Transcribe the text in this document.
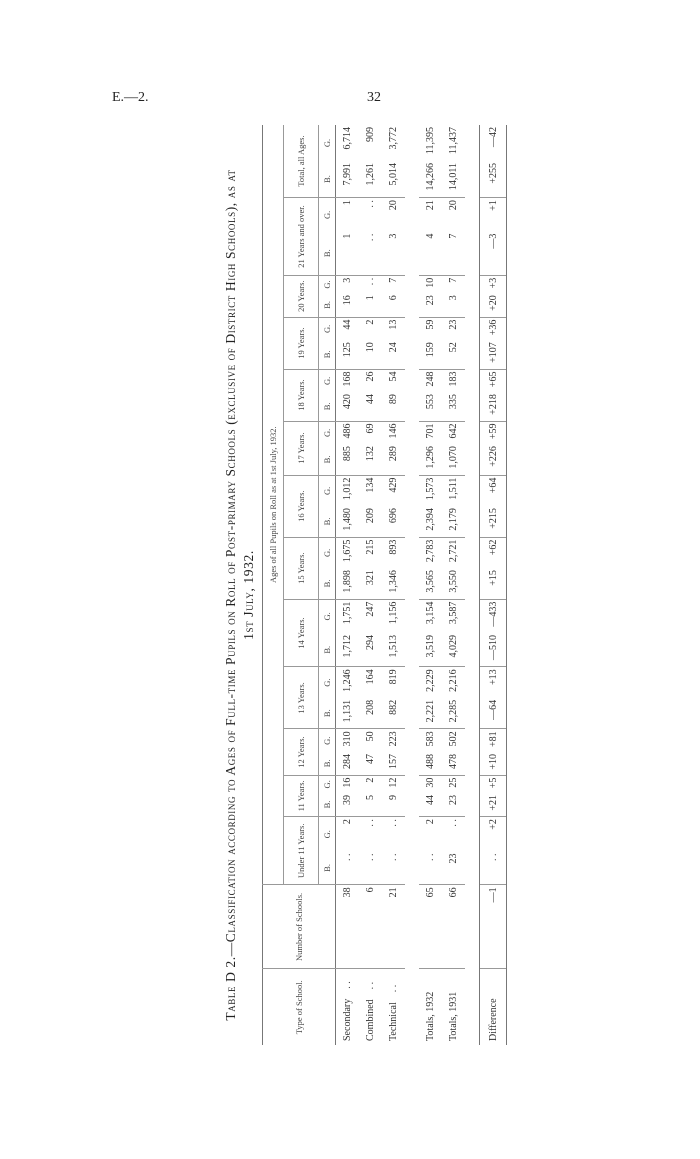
E.—2.	32
Table D 2.—Classification according to Ages of Full-time Pupils on Roll of Post-primary Schools (exclusive of District High Schools), as at 1st July, 1932.
Type of School.	Number of Schools.	Ages of all Pupils on Roll as at 1st July, 1932.																									
		Under 11 Years.		11 Years.		12 Years.		13 Years.		14 Years.		15 Years.		16 Years.		17 Years.		18 Years.		19 Years.		20 Years.		21 Years and over.		Total, all Ages.	
		B.	G.	B.	G.	B.	G.	B.	G.	B.	G.	B.	G.	B.	G.	B.	G.	B.	G.	B.	G.	B.	G.	B.	G.	B.	G.
Secondary. .	38	. .	2	39	16	284	310	1,131	1,246	1,712	1,751	1,898	1,675	1,480	1,012	885	486	420	168	125	44	16	3	1	1	7,991	6,714
Combined. .	6	. .	. .	5	2	47	50	208	164	294	247	321	215	209	134	132	69	44	26	10	2	1	. .	. .	. .	1,261	909
Technical. .	21	. .	. .	9	12	157	223	882	819	1,513	1,156	1,346	893	696	429	289	146	89	54	24	13	6	7	3	20	5,014	3,772

Totals, 1932	65	. .	2	44	30	488	583	2,221	2,229	3,519	3,154	3,565	2,783	2,394	1,573	1,296	701	553	248	159	59	23	10	4	21	14,266	11,395
Totals, 1931	66	23	. .	23	25	478	502	2,285	2,216	4,029	3,587	3,550	2,721	2,179	1,511	1,070	642	335	183	52	23	3	7	7	20	14,011	11,437

Difference	—1	. .	+2	+21	+5	+10	+81	—64	+13	—510	—433	+15	+62	+215	+64	+226	+59	+218	+65	+107	+36	+20	+3	—3	+1	+255	—42
